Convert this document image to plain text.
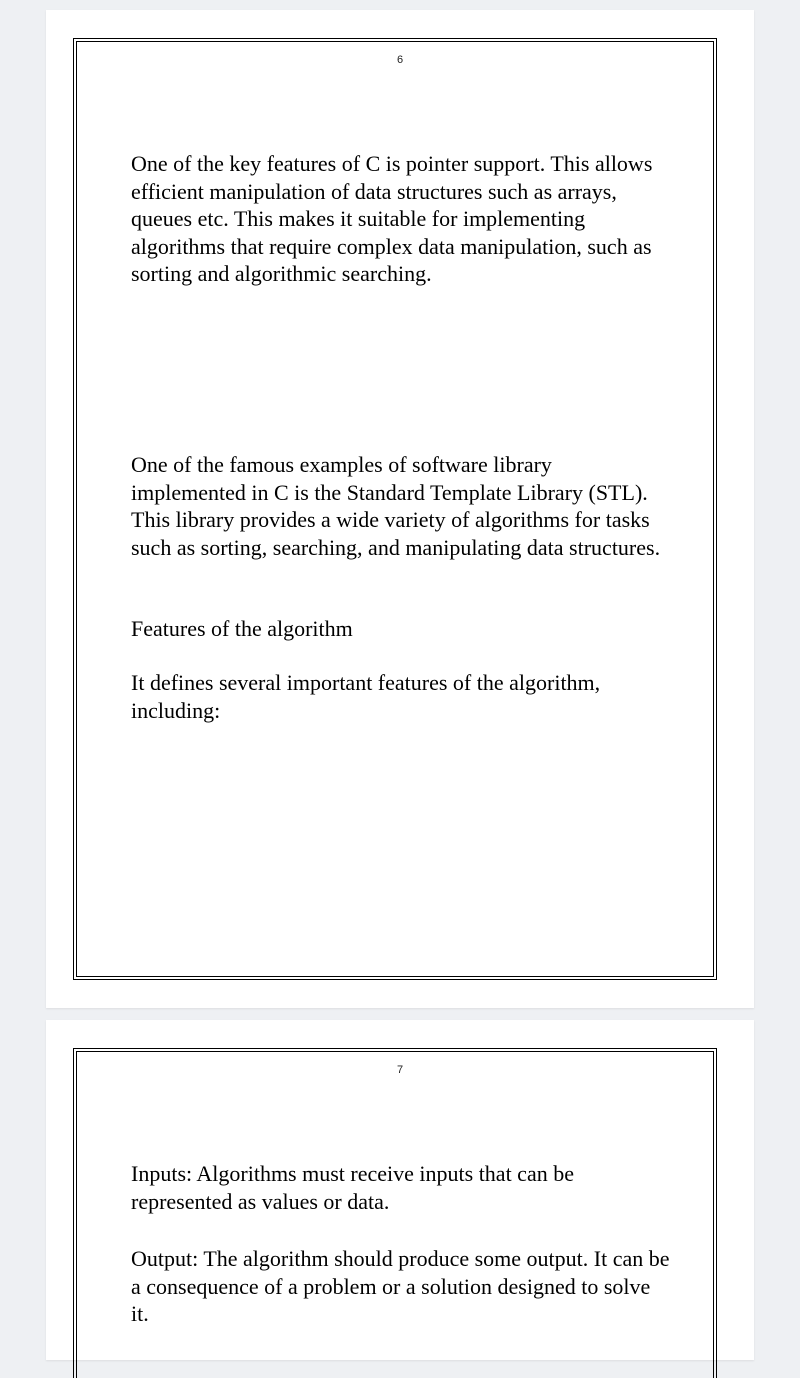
6

One of the key features of C is pointer support. This allows efficient manipulation of data structures such as arrays, queues etc. This makes it suitable for implementing algorithms that require complex data manipulation, such as sorting and algorithmic searching.

One of the famous examples of software library implemented in C is the Standard Template Library (STL). This library provides a wide variety of algorithms for tasks such as sorting, searching, and manipulating data structures.

Features of the algorithm

It defines several important features of the algorithm, including:

7

Inputs: Algorithms must receive inputs that can be represented as values or data.

Output: The algorithm should produce some output. It can be a consequence of a problem or a solution designed to solve it.
